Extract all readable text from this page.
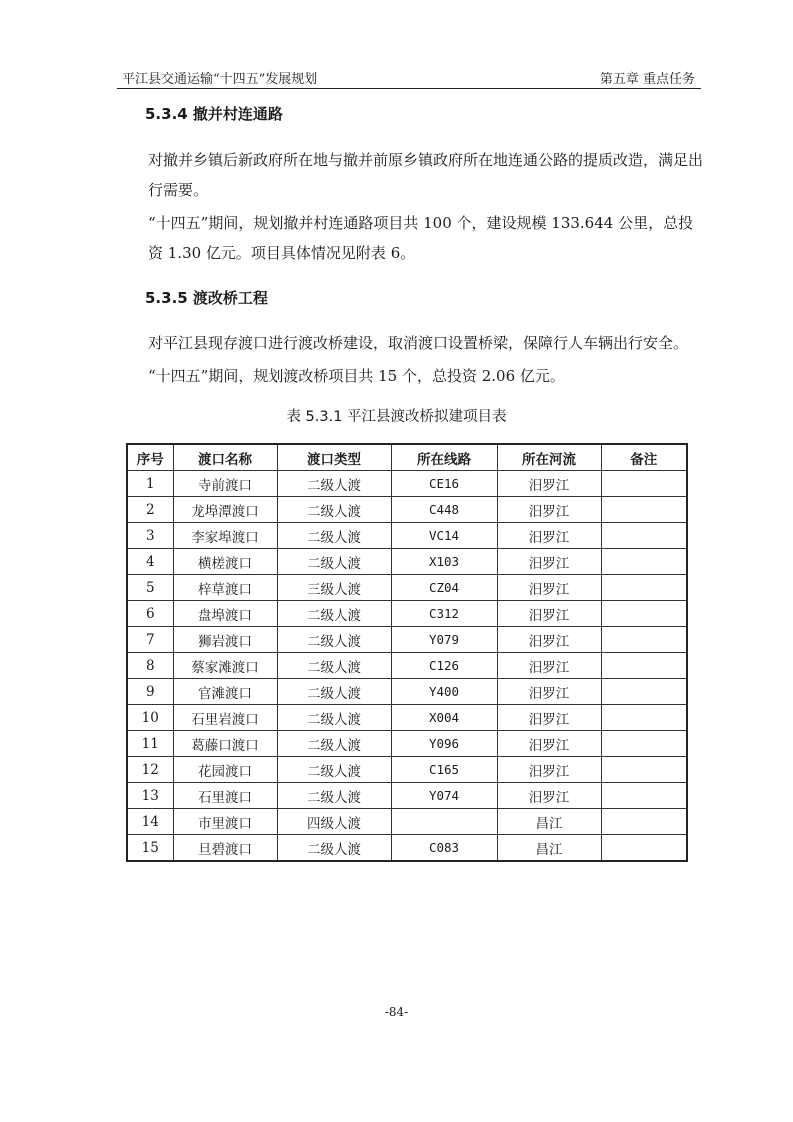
平江县交通运输“十四五”发展规划	第五章 重点任务
5.3.4 撤并村连通路

对撤并乡镇后新政府所在地与撤并前原乡镇政府所在地连通公路的提质改造，满足出行需要。

“十四五”期间，规划撤并村连通路项目共 100 个，建设规模 133.644 公里，总投资 1.30 亿元。项目具体情况见附表 6。

5.3.5 渡改桥工程

对平江县现存渡口进行渡改桥建设，取消渡口设置桥梁，保障行人车辆出行安全。

“十四五”期间，规划渡改桥项目共 15 个，总投资 2.06 亿元。

表 5.3.1 平江县渡改桥拟建项目表
序号	渡口名称	渡口类型	所在线路	所在河流	备注
1	寺前渡口	二级人渡	CE16	汨罗江	
2	龙埠潭渡口	二级人渡	C448	汨罗江	
3	李家埠渡口	二级人渡	VC14	汨罗江	
4	横槎渡口	二级人渡	X103	汨罗江	
5	梓草渡口	三级人渡	CZ04	汨罗江	
6	盘埠渡口	二级人渡	C312	汨罗江	
7	狮岩渡口	二级人渡	Y079	汨罗江	
8	蔡家滩渡口	二级人渡	C126	汨罗江	
9	官滩渡口	二级人渡	Y400	汨罗江	
10	石里岩渡口	二级人渡	X004	汨罗江	
11	葛藤口渡口	二级人渡	Y096	汨罗江	
12	花园渡口	二级人渡	C165	汨罗江	
13	石里渡口	二级人渡	Y074	汨罗江	
14	市里渡口	四级人渡		昌江	
15	旦碧渡口	二级人渡	C083	昌江	
-84-
